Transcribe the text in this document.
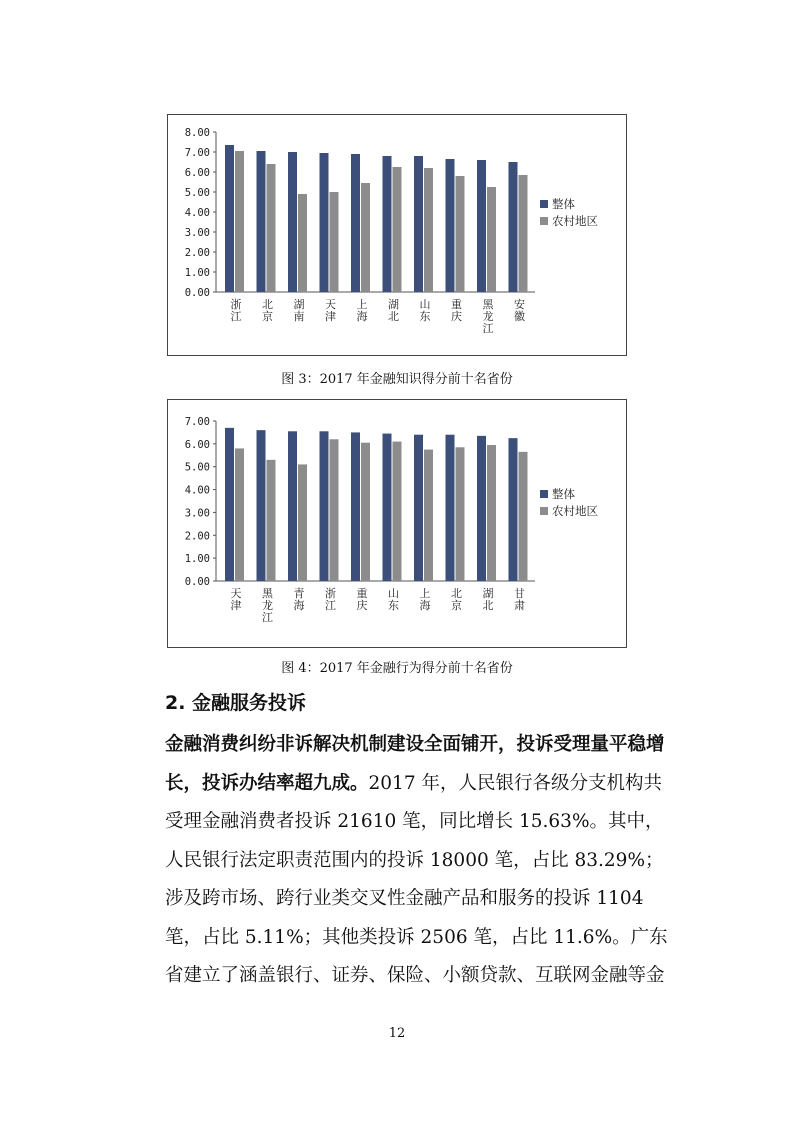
8.00
7.00
6.00
5.00
4.00
3.00
2.00
1.00
0.00
浙
江
北
京
湖
南
天
津
上
海
湖
北
山
东
重
庆
黑
龙
江
安
徽
整体
农村地区
图 3：2017 年金融知识得分前十名省份
7.00
6.00
5.00
4.00
3.00
2.00
1.00
0.00
天
津
黑
龙
江
青
海
浙
江
重
庆
山
东
上
海
北
京
湖
北
甘
肃
整体
农村地区
图 4：2017 年金融行为得分前十名省份
2. 金融服务投诉

金融消费纠纷非诉解决机制建设全面铺开，投诉受理量平稳增长，投诉办结率超九成。2017 年，人民银行各级分支机构共受理金融消费者投诉 21610 笔，同比增长 15.63%。其中，人民银行法定职责范围内的投诉 18000 笔，占比 83.29%；涉及跨市场、跨行业类交叉性金融产品和服务的投诉 1104 笔，占比 5.11%；其他类投诉 2506 笔，占比 11.6%。广东省建立了涵盖银行、证券、保险、小额贷款、互联网金融等金

12
